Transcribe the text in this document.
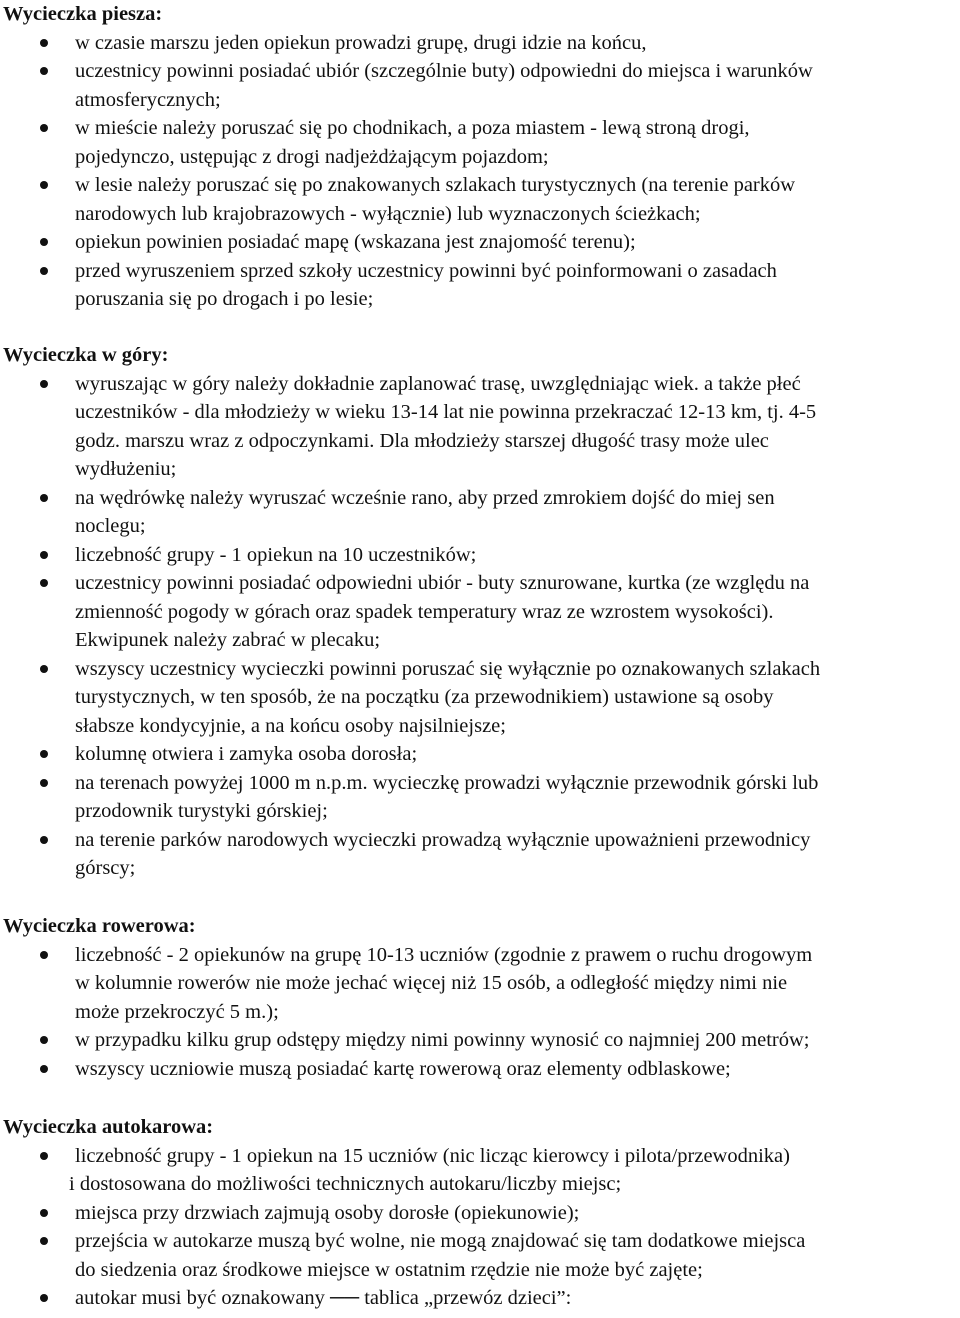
Wycieczka piesza:
w czasie marszu jeden opiekun prowadzi grupę, drugi idzie na końcu,
uczestnicy powinni posiadać ubiór (szczególnie buty) odpowiedni do miejsca i warunków
atmosferycznych;
w mieście należy poruszać się po chodnikach, a poza miastem - lewą stroną drogi,
pojedynczo, ustępując z drogi nadjeżdżającym pojazdom;
w lesie należy poruszać się po znakowanych szlakach turystycznych (na terenie parków
narodowych lub krajobrazowych - wyłącznie) lub wyznaczonych ścieżkach;
opiekun powinien posiadać mapę (wskazana jest znajomość terenu);
przed wyruszeniem sprzed szkoły uczestnicy powinni być poinformowani o zasadach
poruszania się po drogach i po lesie;
Wycieczka w góry:
wyruszając w góry należy dokładnie zaplanować trasę, uwzględniając wiek. a także płeć
uczestników - dla młodzieży w wieku 13-14 lat nie powinna przekraczać 12-13 km, tj. 4-5
godz. marszu wraz z odpoczynkami. Dla młodzieży starszej długość trasy może ulec
wydłużeniu;
na wędrówkę należy wyruszać wcześnie rano, aby przed zmrokiem dojść do miej sen
noclegu;
liczebność grupy - 1 opiekun na 10 uczestników;
uczestnicy powinni posiadać odpowiedni ubiór - buty sznurowane, kurtka (ze względu na
zmienność pogody w górach oraz spadek temperatury wraz ze wzrostem wysokości).
Ekwipunek należy zabrać w plecaku;
wszyscy uczestnicy wycieczki powinni poruszać się wyłącznie po oznakowanych szlakach
turystycznych, w ten sposób, że na początku (za przewodnikiem) ustawione są osoby
słabsze kondycyjnie, a na końcu osoby najsilniejsze;
kolumnę otwiera i zamyka osoba dorosła;
na terenach powyżej 1000 m n.p.m. wycieczkę prowadzi wyłącznie przewodnik górski lub
przodownik turystyki górskiej;
na terenie parków narodowych wycieczki prowadzą wyłącznie upoważnieni przewodnicy
górscy;
Wycieczka rowerowa:
liczebność - 2 opiekunów na grupę 10-13 uczniów (zgodnie z prawem o ruchu drogowym
w kolumnie rowerów nie może jechać więcej niż 15 osób, a odległość między nimi nie
może przekroczyć 5 m.);
w przypadku kilku grup odstępy między nimi powinny wynosić co najmniej 200 metrów;
wszyscy uczniowie muszą posiadać kartę rowerową oraz elementy odblaskowe;
Wycieczka autokarowa:
liczebność grupy - 1 opiekun na 15 uczniów (nic licząc kierowcy i pilota/przewodnika)
i dostosowana do możliwości technicznych autokaru/liczby miejsc;
miejsca przy drzwiach zajmują osoby dorosłe (opiekunowie);
przejścia w autokarze muszą być wolne, nie mogą znajdować się tam dodatkowe miejsca
do siedzenia oraz środkowe miejsce w ostatnim rzędzie nie może być zajęte;
autokar musi być oznakowany ── tablica „przewóz dzieci”:
